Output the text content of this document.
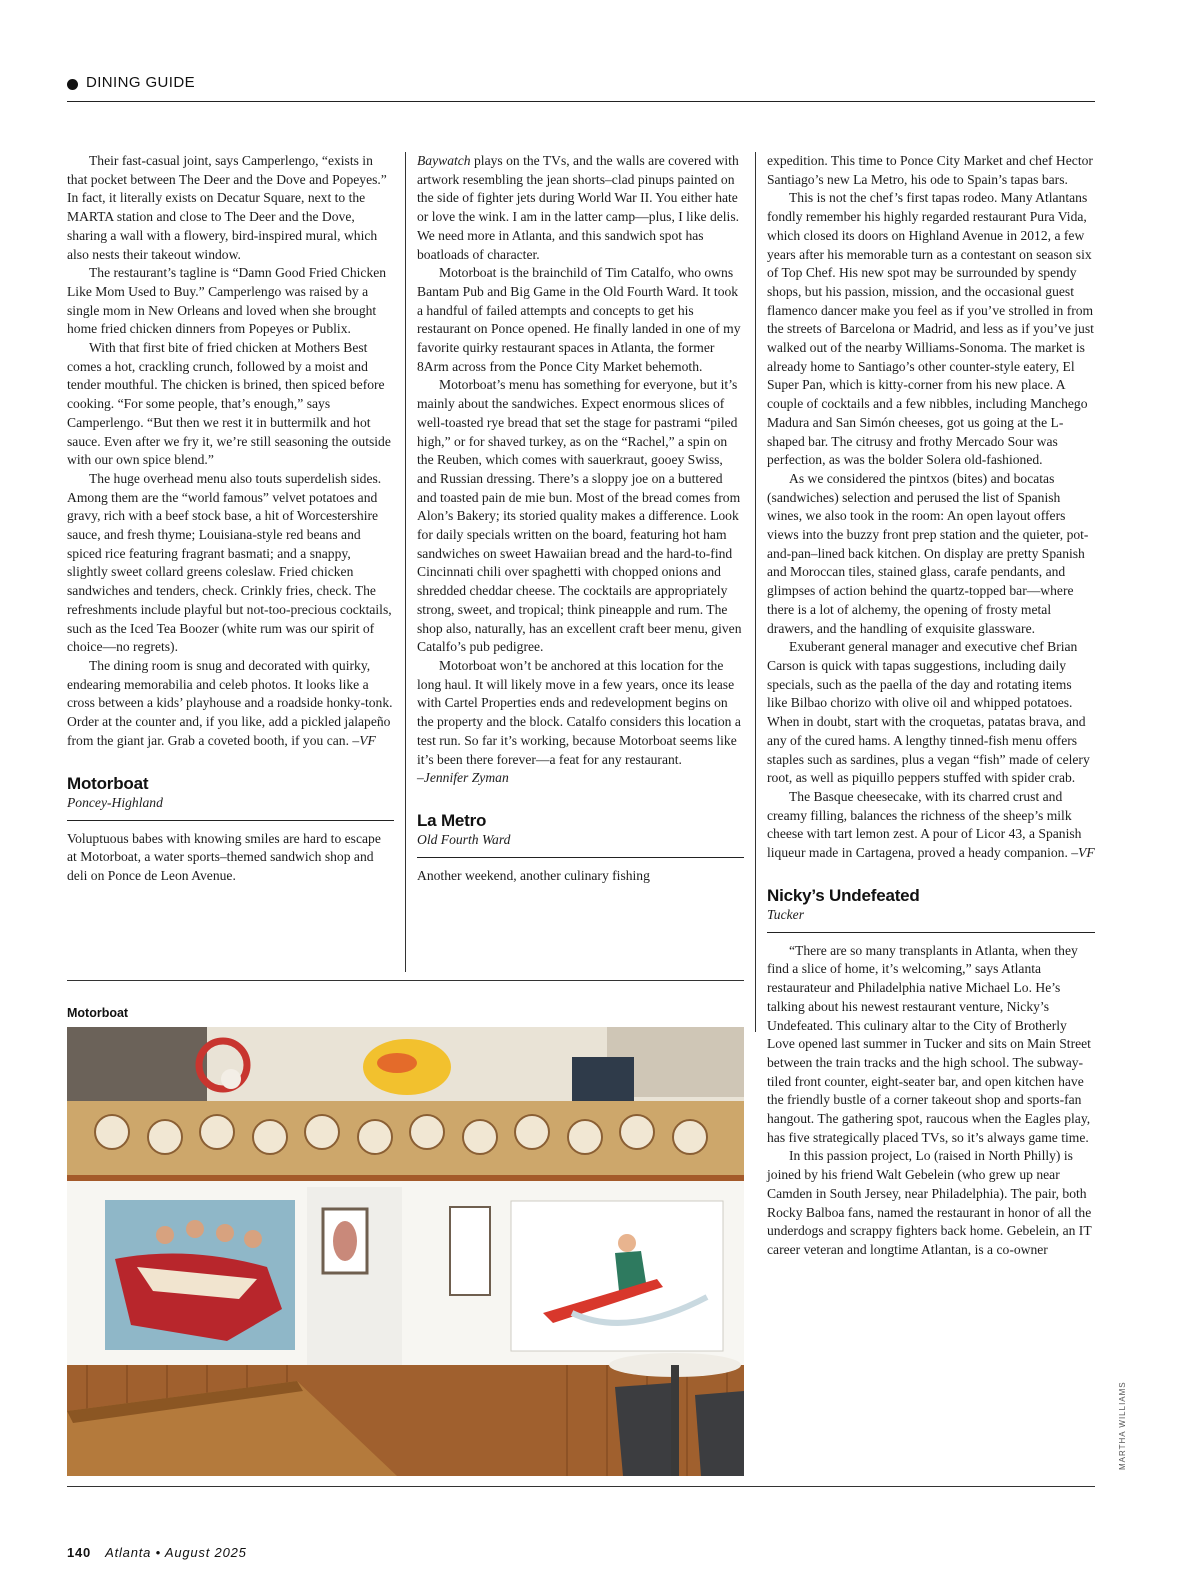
DINING GUIDE

Their fast-casual joint, says Camperlengo, “exists in that pocket between The Deer and the Dove and Popeyes.” In fact, it literally exists on Decatur Square, next to the MARTA station and close to The Deer and the Dove, sharing a wall with a flowery, bird-inspired mural, which also nests their takeout window.

The restaurant’s tagline is “Damn Good Fried Chicken Like Mom Used to Buy.” Camperlengo was raised by a single mom in New Orleans and loved when she brought home fried chicken dinners from Popeyes or Publix.

With that first bite of fried chicken at Mothers Best comes a hot, crackling crunch, followed by a moist and tender mouthful. The chicken is brined, then spiced before cooking. “For some people, that’s enough,” says Camperlengo. “But then we rest it in buttermilk and hot sauce. Even after we fry it, we’re still seasoning the outside with our own spice blend.”

The huge overhead menu also touts superdelish sides. Among them are the “world famous” velvet potatoes and gravy, rich with a beef stock base, a hit of Worcestershire sauce, and fresh thyme; Louisiana-style red beans and spiced rice featuring fragrant basmati; and a snappy, slightly sweet collard greens coleslaw. Fried chicken sandwiches and tenders, check. Crinkly fries, check. The refreshments include playful but not-too-precious cocktails, such as the Iced Tea Boozer (white rum was our spirit of choice—no regrets).

The dining room is snug and decorated with quirky, endearing memorabilia and celeb photos. It looks like a cross between a kids’ playhouse and a roadside honky-tonk. Order at the counter and, if you like, add a pickled jalapeño from the giant jar. Grab a coveted booth, if you can. –VF

Motorboat
Poncey-Highland

Voluptuous babes with knowing smiles are hard to escape at Motorboat, a water sports–themed sandwich shop and deli on Ponce de Leon Avenue.

Baywatch plays on the TVs, and the walls are covered with artwork resembling the jean shorts–clad pinups painted on the side of fighter jets during World War II. You either hate or love the wink. I am in the latter camp—plus, I like delis. We need more in Atlanta, and this sandwich spot has boatloads of character.

Motorboat is the brainchild of Tim Catalfo, who owns Bantam Pub and Big Game in the Old Fourth Ward. It took a handful of failed attempts and concepts to get his restaurant on Ponce opened. He finally landed in one of my favorite quirky restaurant spaces in Atlanta, the former 8Arm across from the Ponce City Market behemoth.

Motorboat’s menu has something for everyone, but it’s mainly about the sandwiches. Expect enormous slices of well-toasted rye bread that set the stage for pastrami “piled high,” or for shaved turkey, as on the “Rachel,” a spin on the Reuben, which comes with sauerkraut, gooey Swiss, and Russian dressing. There’s a sloppy joe on a buttered and toasted pain de mie bun. Most of the bread comes from Alon’s Bakery; its storied quality makes a difference. Look for daily specials written on the board, featuring hot ham sandwiches on sweet Hawaiian bread and the hard-to-find Cincinnati chili over spaghetti with chopped onions and shredded cheddar cheese. The cocktails are appropriately strong, sweet, and tropical; think pineapple and rum. The shop also, naturally, has an excellent craft beer menu, given Catalfo’s pub pedigree.

Motorboat won’t be anchored at this location for the long haul. It will likely move in a few years, once its lease with Cartel Properties ends and redevelopment begins on the property and the block. Catalfo considers this location a test run. So far it’s working, because Motorboat seems like it’s been there forever—a feat for any restaurant.

–Jennifer Zyman

La Metro
Old Fourth Ward

Another weekend, another culinary fishing

expedition. This time to Ponce City Market and chef Hector Santiago’s new La Metro, his ode to Spain’s tapas bars.

This is not the chef’s first tapas rodeo. Many Atlantans fondly remember his highly regarded restaurant Pura Vida, which closed its doors on Highland Avenue in 2012, a few years after his memorable turn as a contestant on season six of Top Chef. His new spot may be surrounded by spendy shops, but his passion, mission, and the occasional guest flamenco dancer make you feel as if you’ve strolled in from the streets of Barcelona or Madrid, and less as if you’ve just walked out of the nearby Williams-Sonoma. The market is already home to Santiago’s other counter-style eatery, El Super Pan, which is kitty-corner from his new place. A couple of cocktails and a few nibbles, including Manchego Madura and San Simón cheeses, got us going at the L-shaped bar. The citrusy and frothy Mercado Sour was perfection, as was the bolder Solera old-fashioned.

As we considered the pintxos (bites) and bocatas (sandwiches) selection and perused the list of Spanish wines, we also took in the room: An open layout offers views into the buzzy front prep station and the quieter, pot-and-pan–lined back kitchen. On display are pretty Spanish and Moroccan tiles, stained glass, carafe pendants, and glimpses of action behind the quartz-topped bar—where there is a lot of alchemy, the opening of frosty metal drawers, and the handling of exquisite glassware.

Exuberant general manager and executive chef Brian Carson is quick with tapas suggestions, including daily specials, such as the paella of the day and rotating items like Bilbao chorizo with olive oil and whipped potatoes. When in doubt, start with the croquetas, patatas brava, and any of the cured hams. A lengthy tinned-fish menu offers staples such as sardines, plus a vegan “fish” made of celery root, as well as piquillo peppers stuffed with spider crab.

The Basque cheesecake, with its charred crust and creamy filling, balances the richness of the sheep’s milk cheese with tart lemon zest. A pour of Licor 43, a Spanish liqueur made in Cartagena, proved a heady companion. –VF

Nicky’s Undefeated
Tucker

“There are so many transplants in Atlanta, when they find a slice of home, it’s welcoming,” says Atlanta restaurateur and Philadelphia native Michael Lo. He’s talking about his newest restaurant venture, Nicky’s Undefeated. This culinary altar to the City of Brotherly Love opened last summer in Tucker and sits on Main Street between the train tracks and the high school. The subway-tiled front counter, eight-seater bar, and open kitchen have the friendly bustle of a corner takeout shop and sports-fan hangout. The gathering spot, raucous when the Eagles play, has five strategically placed TVs, so it’s always game time.

In this passion project, Lo (raised in North Philly) is joined by his friend Walt Gebelein (who grew up near Camden in South Jersey, near Philadelphia). The pair, both Rocky Balboa fans, named the restaurant in honor of all the underdogs and scrappy fighters back home. Gebelein, an IT career veteran and longtime Atlantan, is a co-owner

Motorboat
MARTHA WILLIAMS
140 Atlanta • August 2025
